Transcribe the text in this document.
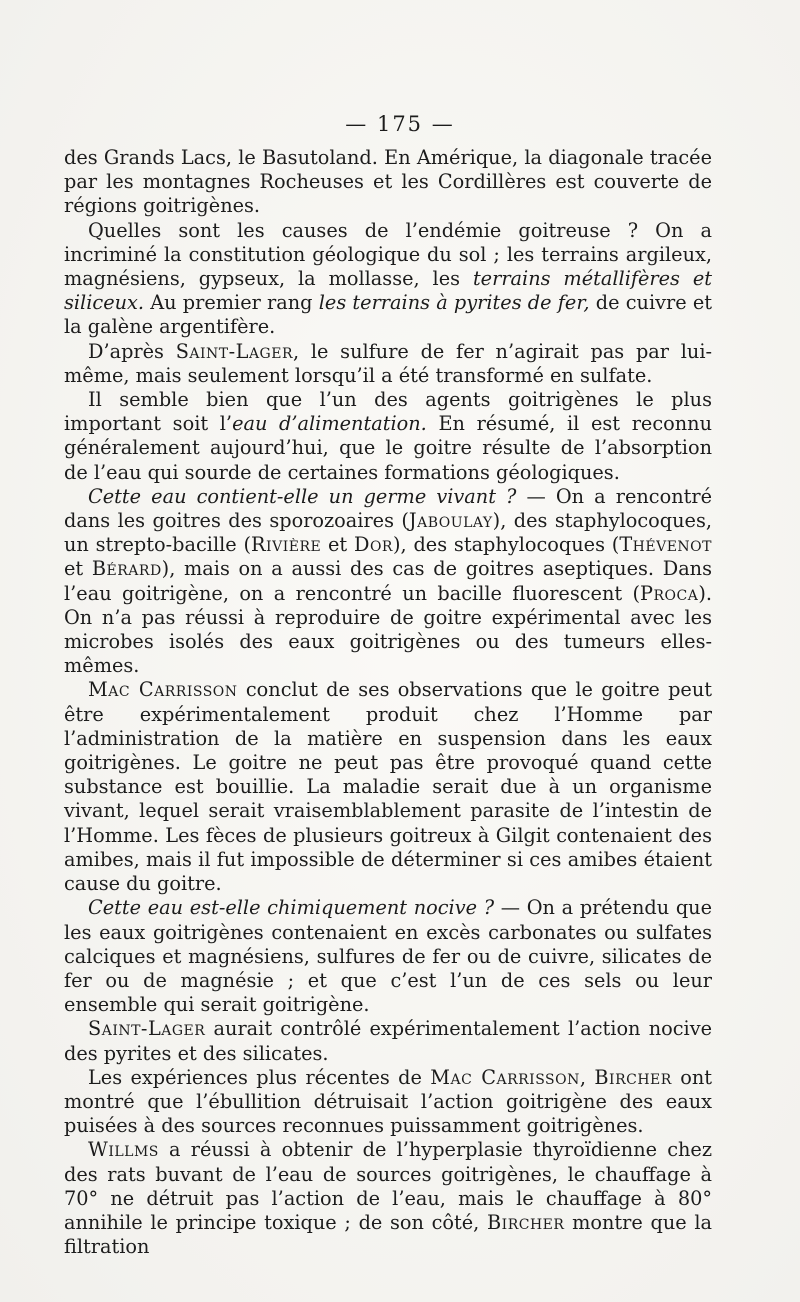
— 175 —

des Grands Lacs, le Basutoland. En Amérique, la diagonale tracée par les montagnes Rocheuses et les Cordillères est couverte de régions goitrigènes.

Quelles sont les causes de l’endémie goitreuse ? On a incriminé la constitution géologique du sol ; les terrains argileux, magnésiens, gypseux, la mollasse, les terrains métallifères et siliceux. Au premier rang les terrains à pyrites de fer, de cuivre et la galène argentifère.

D’après Saint-Lager, le sulfure de fer n’agirait pas par lui-même, mais seulement lorsqu’il a été transformé en sulfate.

Il semble bien que l’un des agents goitrigènes le plus important soit l’eau d’alimentation. En résumé, il est reconnu généralement aujourd’hui, que le goitre résulte de l’absorption de l’eau qui sourde de certaines formations géologiques.

Cette eau contient-elle un germe vivant ? — On a rencontré dans les goitres des sporozoaires (Jaboulay), des staphylocoques, un strepto-bacille (Rivière et Dor), des staphylocoques (Thévenot et Bérard), mais on a aussi des cas de goitres aseptiques. Dans l’eau goitrigène, on a rencontré un bacille fluorescent (Proca). On n’a pas réussi à reproduire de goitre expérimental avec les microbes isolés des eaux goitrigènes ou des tumeurs elles-mêmes.

Mac Carrisson conclut de ses observations que le goitre peut être expérimentalement produit chez l’Homme par l’administration de la matière en suspension dans les eaux goitrigènes. Le goitre ne peut pas être provoqué quand cette substance est bouillie. La maladie serait due à un organisme vivant, lequel serait vraisemblablement parasite de l’intestin de l’Homme. Les fèces de plusieurs goitreux à Gilgit contenaient des amibes, mais il fut impossible de déterminer si ces amibes étaient cause du goitre.

Cette eau est-elle chimiquement nocive ? — On a prétendu que les eaux goitrigènes contenaient en excès carbonates ou sulfates calciques et magnésiens, sulfures de fer ou de cuivre, silicates de fer ou de magnésie ; et que c’est l’un de ces sels ou leur ensemble qui serait goitrigène.

Saint-Lager aurait contrôlé expérimentalement l’action nocive des pyrites et des silicates.

Les expériences plus récentes de Mac Carrisson, Bircher ont montré que l’ébullition détruisait l’action goitrigène des eaux puisées à des sources reconnues puissamment goitrigènes.

Willms a réussi à obtenir de l’hyperplasie thyroïdienne chez des rats buvant de l’eau de sources goitrigènes, le chauffage à 70° ne détruit pas l’action de l’eau, mais le chauffage à 80° annihile le principe toxique ; de son côté, Bircher montre que la filtration
